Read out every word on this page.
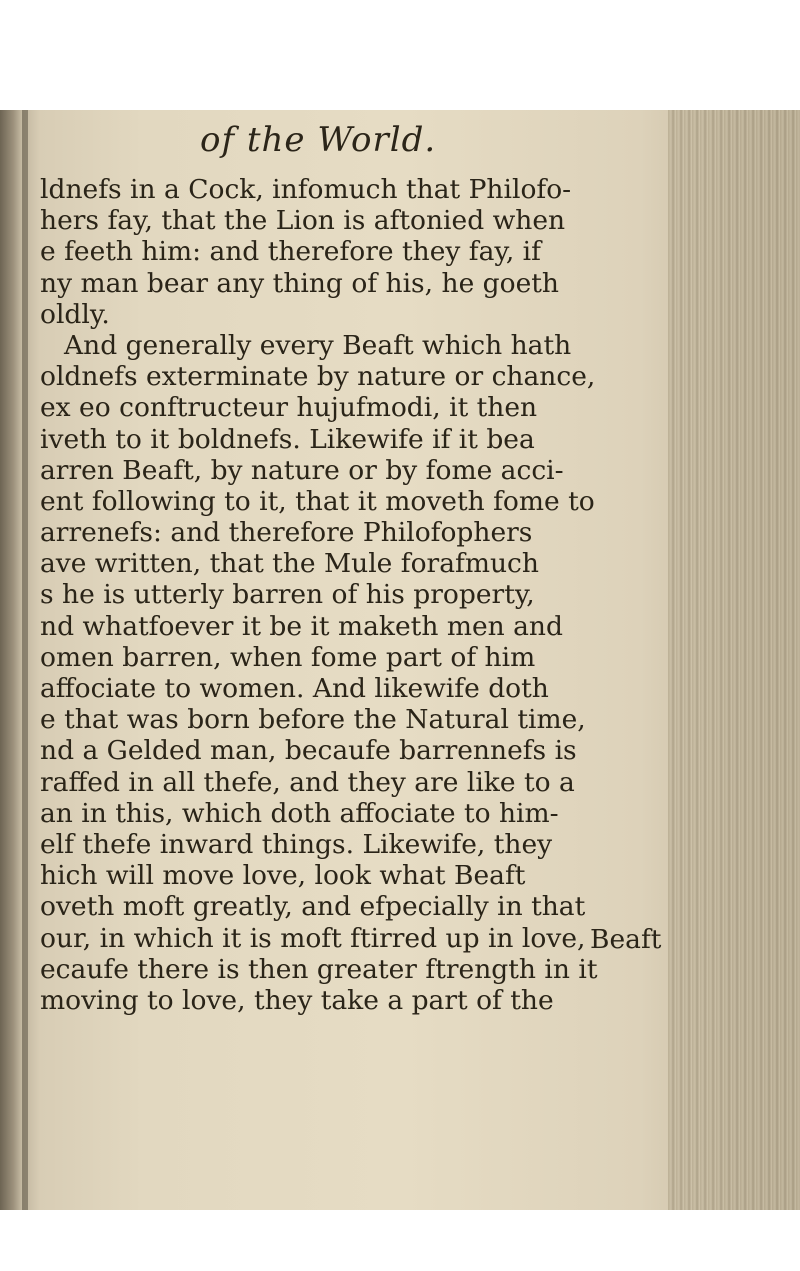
of the World.
ldnefs in a Cock, infomuch that Philofo-
hers fay, that the Lion is aftonied when
e feeth him: and therefore they fay, if
ny man bear any thing of his, he goeth
oldly.
And generally every Beaft which hath
oldnefs exterminate by nature or chance,
ex eo conftructeur hujufmodi, it then
iveth to it boldnefs. Likewife if it bea
arren Beaft, by nature or by fome acci-
ent following to it, that it moveth fome to
arrenefs: and therefore Philofophers
ave written, that the Mule forafmuch
s he is utterly barren of his property,
nd whatfoever it be it maketh men and
omen barren, when fome part of him
affociate to women. And likewife doth
e that was born before the Natural time,
nd a Gelded man, becaufe barrennefs is
raffed in all thefe, and they are like to a
an in this, which doth affociate to him-
elf thefe inward things. Likewife, they
hich will move love, look what Beaft
oveth moft greatly, and efpecially in that
our, in which it is moft ftirred up in love,
ecaufe there is then greater ftrength in it
moving to love, they take a part of the
Beaft
